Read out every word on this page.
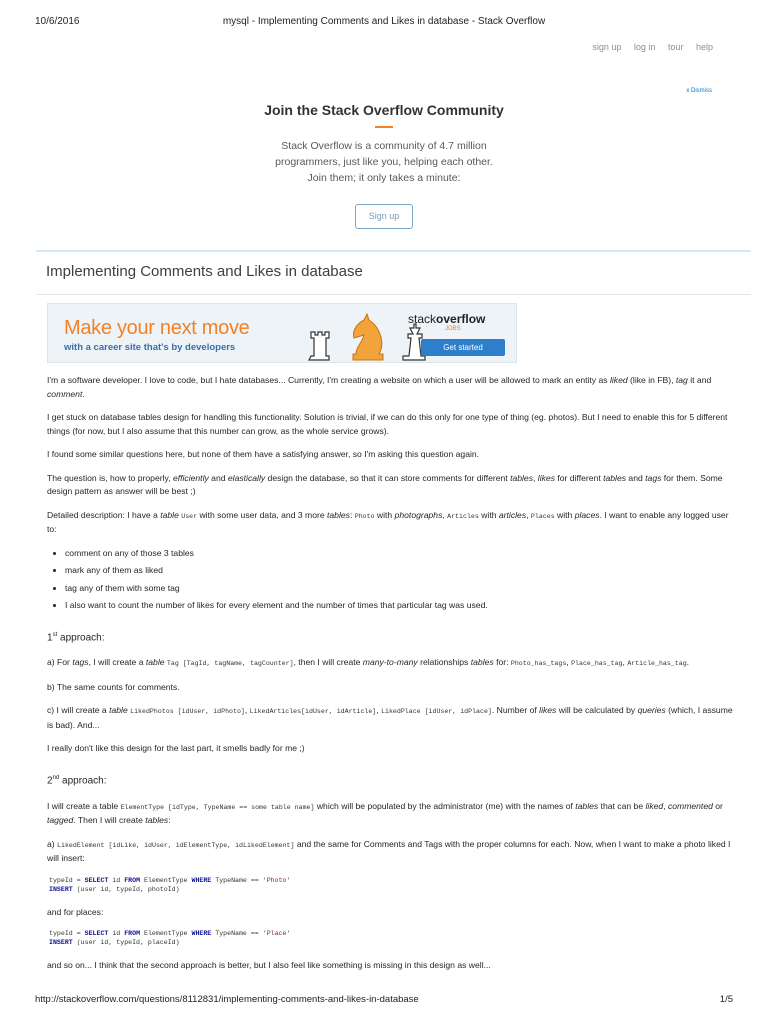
10/6/2016	mysql - Implementing Comments and Likes in database - Stack Overflow
sign up log in tour help
x Dismiss
Join the Stack Overflow Community

Stack Overflow is a community of 4.7 million

programmers, just like you, helping each other.

Join them; it only takes a minute:

Sign up
Implementing Comments and Likes in database
Make your next move
with a career site that's by developers
stackoverflow
JOBS
Get started

I'm a software developer. I love to code, but I hate databases... Currently, I'm creating a website on which a user will be allowed to mark an entity as liked (like in FB), tag it and comment.

I get stuck on database tables design for handling this functionality. Solution is trivial, if we can do this only for one type of thing (eg. photos). But I need to enable this for 5 different things (for now, but I also assume that this number can grow, as the whole service grows).

I found some similar questions here, but none of them have a satisfying answer, so I'm asking this question again.

The question is, how to properly, efficiently and elastically design the database, so that it can store comments for different tables, likes for different tables and tags for them. Some design pattern as answer will be best ;)

Detailed description: I have a table User with some user data, and 3 more tables: Photo with photographs, Articles with articles, Places with places. I want to enable any logged user to:

• comment on any of those 3 tables
• mark any of them as liked
• tag any of them with some tag
• I also want to count the number of likes for every element and the number of times that particular tag was used.
1st approach:

a) For tags, I will create a table Tag [TagId, tagName, tagCounter], then I will create many-to-many relationships tables for: Photo_has_tags, Place_has_tag, Article_has_tag.

b) The same counts for comments.

c) I will create a table LikedPhotos [idUser, idPhoto], LikedArticles[idUser, idArticle], LikedPlace [idUser, idPlace]. Number of likes will be calculated by queries (which, I assume is bad). And...

I really don't like this design for the last part, it smells badly for me ;)

2nd approach:

I will create a table ElementType [idType, TypeName == some table name] which will be populated by the administrator (me) with the names of tables that can be liked, commented or tagged. Then I will create tables:

a) LikedElement [idLike, idUser, idElementType, idLikedElement] and the same for Comments and Tags with the proper columns for each. Now, when I want to make a photo liked I will insert:

typeId = SELECT id FROM ElementType WHERE TypeName == 'Photo'
INSERT (user id, typeId, photoId)

and for places:

typeId = SELECT id FROM ElementType WHERE TypeName == 'Place'
INSERT (user id, typeId, placeId)

and so on... I think that the second approach is better, but I also feel like something is missing in this design as well...

http://stackoverflow.com/questions/8112831/implementing-comments-and-likes-in-database	1/5
